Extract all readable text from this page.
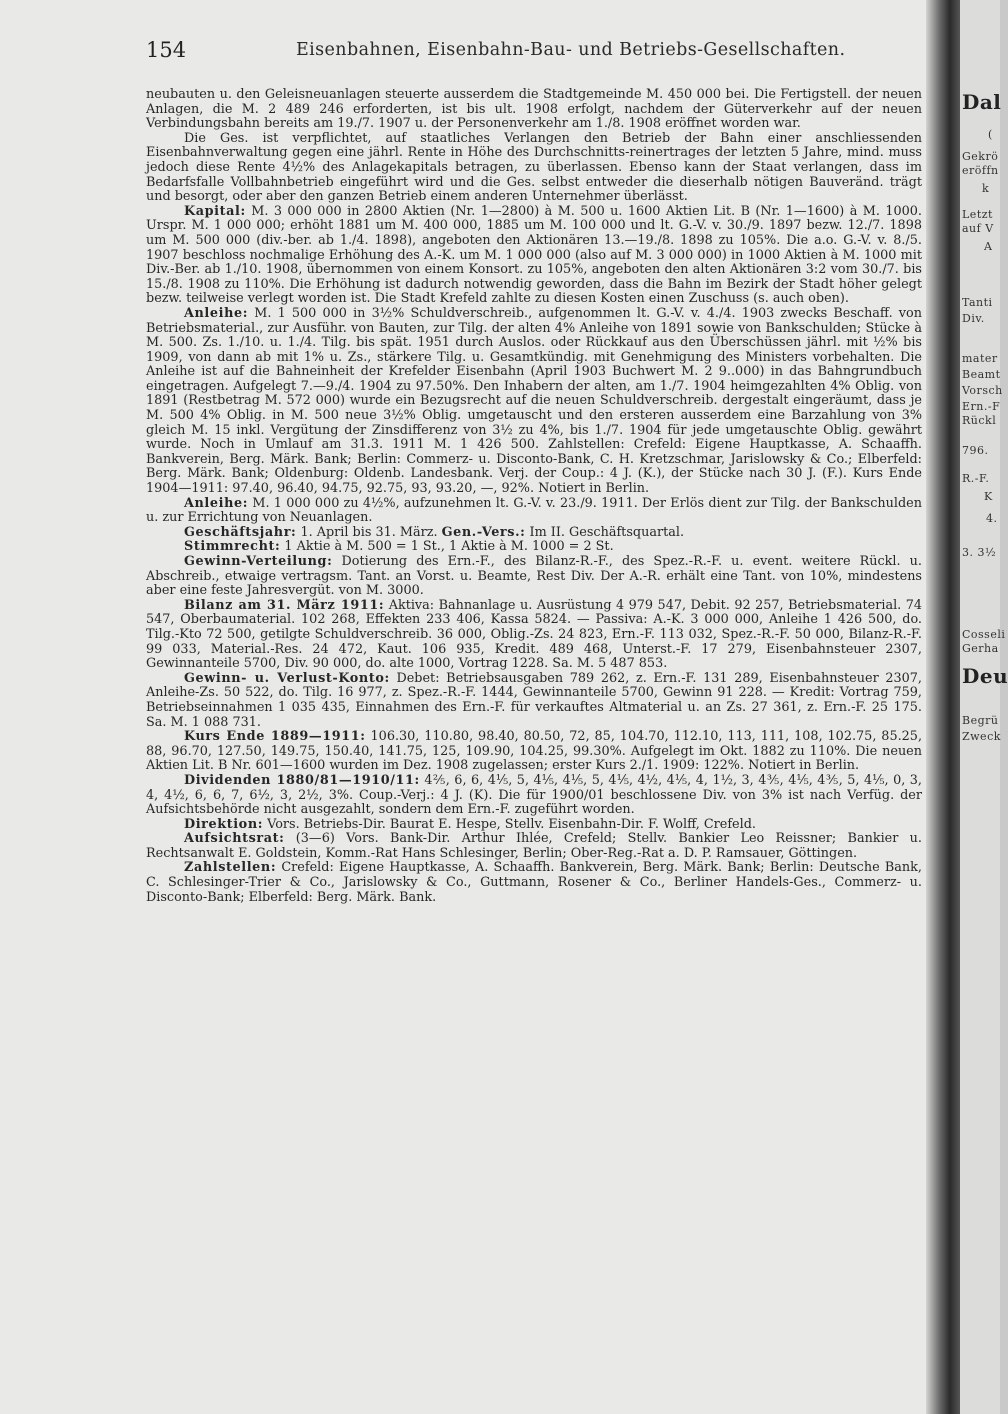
154	Eisenbahnen, Eisenbahn-Bau- und Betriebs-Gesellschaften.

neubauten u. den Geleisneuanlagen steuerte ausserdem die Stadtgemeinde M. 450 000 bei. Die Fertigstell. der neuen Anlagen, die M. 2 489 246 erforderten, ist bis ult. 1908 erfolgt, nachdem der Güterverkehr auf der neuen Verbindungsbahn bereits am 19./7. 1907 u. der Personenverkehr am 1./8. 1908 eröffnet worden war.

Die Ges. ist verpflichtet, auf staatliches Verlangen den Betrieb der Bahn einer anschliessenden Eisenbahnverwaltung gegen eine jährl. Rente in Höhe des Durchschnitts-reinertrages der letzten 5 Jahre, mind. muss jedoch diese Rente 4½% des Anlagekapitals betragen, zu überlassen. Ebenso kann der Staat verlangen, dass im Bedarfsfalle Vollbahnbetrieb eingeführt wird und die Ges. selbst entweder die dieserhalb nötigen Bauveränd. trägt und besorgt, oder aber den ganzen Betrieb einem anderen Unternehmer überlässt.

Kapital: M. 3 000 000 in 2800 Aktien (Nr. 1—2800) à M. 500 u. 1600 Aktien Lit. B (Nr. 1—1600) à M. 1000. Urspr. M. 1 000 000; erhöht 1881 um M. 400 000, 1885 um M. 100 000 und lt. G.-V. v. 30./9. 1897 bezw. 12./7. 1898 um M. 500 000 (div.-ber. ab 1./4. 1898), angeboten den Aktionären 13.—19./8. 1898 zu 105%. Die a.o. G.-V. v. 8./5. 1907 beschloss nochmalige Erhöhung des A.-K. um M. 1 000 000 (also auf M. 3 000 000) in 1000 Aktien à M. 1000 mit Div.-Ber. ab 1./10. 1908, übernommen von einem Konsort. zu 105%, angeboten den alten Aktionären 3:2 vom 30./7. bis 15./8. 1908 zu 110%. Die Erhöhung ist dadurch notwendig geworden, dass die Bahn im Bezirk der Stadt höher gelegt bezw. teilweise verlegt worden ist. Die Stadt Krefeld zahlte zu diesen Kosten einen Zuschuss (s. auch oben).

Anleihe: M. 1 500 000 in 3½% Schuldverschreib., aufgenommen lt. G.-V. v. 4./4. 1903 zwecks Beschaff. von Betriebsmaterial., zur Ausführ. von Bauten, zur Tilg. der alten 4% Anleihe von 1891 sowie von Bankschulden; Stücke à M. 500. Zs. 1./10. u. 1./4. Tilg. bis spät. 1951 durch Auslos. oder Rückkauf aus den Überschüssen jährl. mit ½% bis 1909, von dann ab mit 1% u. Zs., stärkere Tilg. u. Gesamtkündig. mit Genehmigung des Ministers vorbehalten. Die Anleihe ist auf die Bahneinheit der Krefelder Eisenbahn (April 1903 Buchwert M. 2 9..000) in das Bahngrundbuch eingetragen. Aufgelegt 7.—9./4. 1904 zu 97.50%. Den Inhabern der alten, am 1./7. 1904 heimgezahlten 4% Oblig. von 1891 (Restbetrag M. 572 000) wurde ein Bezugsrecht auf die neuen Schuldverschreib. dergestalt eingeräumt, dass je M. 500 4% Oblig. in M. 500 neue 3½% Oblig. umgetauscht und den ersteren ausserdem eine Barzahlung von 3% gleich M. 15 inkl. Vergütung der Zinsdifferenz von 3½ zu 4%, bis 1./7. 1904 für jede umgetauschte Oblig. gewährt wurde. Noch in Umlauf am 31.3. 1911 M. 1 426 500. Zahlstellen: Crefeld: Eigene Hauptkasse, A. Schaaffh. Bankverein, Berg. Märk. Bank; Berlin: Commerz- u. Disconto-Bank, C. H. Kretzschmar, Jarislowsky & Co.; Elberfeld: Berg. Märk. Bank; Oldenburg: Oldenb. Landesbank. Verj. der Coup.: 4 J. (K.), der Stücke nach 30 J. (F.). Kurs Ende 1904—1911: 97.40, 96.40, 94.75, 92.75, 93, 93.20, —, 92%. Notiert in Berlin.

Anleihe: M. 1 000 000 zu 4½%, aufzunehmen lt. G.-V. v. 23./9. 1911. Der Erlös dient zur Tilg. der Bankschulden u. zur Errichtung von Neuanlagen.

Geschäftsjahr: 1. April bis 31. März. Gen.-Vers.: Im II. Geschäftsquartal.

Stimmrecht: 1 Aktie à M. 500 = 1 St., 1 Aktie à M. 1000 = 2 St.

Gewinn-Verteilung: Dotierung des Ern.-F., des Bilanz-R.-F., des Spez.-R.-F. u. event. weitere Rückl. u. Abschreib., etwaige vertragsm. Tant. an Vorst. u. Beamte, Rest Div. Der A.-R. erhält eine Tant. von 10%, mindestens aber eine feste Jahresvergüt. von M. 3000.

Bilanz am 31. März 1911: Aktiva: Bahnanlage u. Ausrüstung 4 979 547, Debit. 92 257, Betriebsmaterial. 74 547, Oberbaumaterial. 102 268, Effekten 233 406, Kassa 5824. — Passiva: A.-K. 3 000 000, Anleihe 1 426 500, do. Tilg.-Kto 72 500, getilgte Schuldverschreib. 36 000, Oblig.-Zs. 24 823, Ern.-F. 113 032, Spez.-R.-F. 50 000, Bilanz-R.-F. 99 033, Material.-Res. 24 472, Kaut. 106 935, Kredit. 489 468, Unterst.-F. 17 279, Eisenbahnsteuer 2307, Gewinnanteile 5700, Div. 90 000, do. alte 1000, Vortrag 1228. Sa. M. 5 487 853.

Gewinn- u. Verlust-Konto: Debet: Betriebsausgaben 789 262, z. Ern.-F. 131 289, Eisenbahnsteuer 2307, Anleihe-Zs. 50 522, do. Tilg. 16 977, z. Spez.-R.-F. 1444, Gewinnanteile 5700, Gewinn 91 228. — Kredit: Vortrag 759, Betriebseinnahmen 1 035 435, Einnahmen des Ern.-F. für verkauftes Altmaterial u. an Zs. 27 361, z. Ern.-F. 25 175. Sa. M. 1 088 731.

Kurs Ende 1889—1911: 106.30, 110.80, 98.40, 80.50, 72, 85, 104.70, 112.10, 113, 111, 108, 102.75, 85.25, 88, 96.70, 127.50, 149.75, 150.40, 141.75, 125, 109.90, 104.25, 99.30%. Aufgelegt im Okt. 1882 zu 110%. Die neuen Aktien Lit. B Nr. 601—1600 wurden im Dez. 1908 zugelassen; erster Kurs 2./1. 1909: 122%. Notiert in Berlin.

Dividenden 1880/81—1910/11: 4⅖, 6, 6, 4⅕, 5, 4⅕, 4⅕, 5, 4⅕, 4½, 4⅕, 4, 1½, 3, 4⅗, 4⅕, 4⅗, 5, 4⅕, 0, 3, 4, 4½, 6, 6, 7, 6½, 3, 2½, 3%. Coup.-Verj.: 4 J. (K). Die für 1900/01 beschlossene Div. von 3% ist nach Verfüg. der Aufsichtsbehörde nicht ausgezahlt, sondern dem Ern.-F. zugeführt worden.

Direktion: Vors. Betriebs-Dir. Baurat E. Hespe, Stellv. Eisenbahn-Dir. F. Wolff, Crefeld.

Aufsichtsrat: (3—6) Vors. Bank-Dir. Arthur Ihlée, Crefeld; Stellv. Bankier Leo Reissner; Bankier u. Rechtsanwalt E. Goldstein, Komm.-Rat Hans Schlesinger, Berlin; Ober-Reg.-Rat a. D. P. Ramsauer, Göttingen.

Zahlstellen: Crefeld: Eigene Hauptkasse, A. Schaaffh. Bankverein, Berg. Märk. Bank; Berlin: Deutsche Bank, C. Schlesinger-Trier & Co., Jarislowsky & Co., Guttmann, Rosener & Co., Berliner Handels-Ges., Commerz- u. Disconto-Bank; Elberfeld: Berg. Märk. Bank.

Dal
(
Gekrö
eröffn
k
Letzt
auf V
A
Tanti
Div.
mater
Beamt
Vorsch
Ern.-F
Rückl
796.
R.-F.
K
4.
3. 3½
Cosseli
Gerha
Deu
Begrü
Zweck
